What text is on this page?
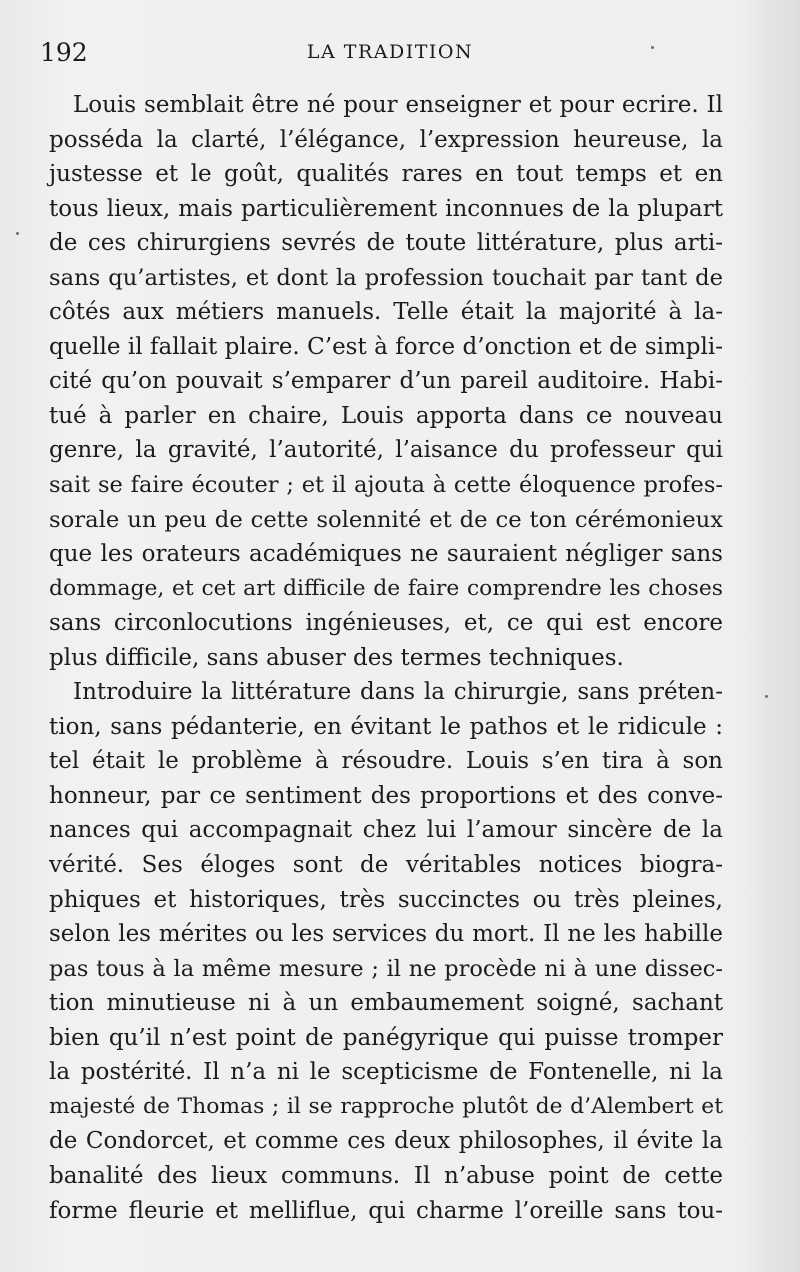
192	LA TRADITION
Louis semblait être né pour enseigner et pour ecrire. Il
posséda la clarté, l’élégance, l’expression heureuse, la
justesse et le goût, qualités rares en tout temps et en
tous lieux, mais particulièrement inconnues de la plupart
de ces chirurgiens sevrés de toute littérature, plus arti-
sans qu’artistes, et dont la profession touchait par tant de
côtés aux métiers manuels. Telle était la majorité à la-
quelle il fallait plaire. C’est à force d’onction et de simpli-
cité qu’on pouvait s’emparer d’un pareil auditoire. Habi-
tué à parler en chaire, Louis apporta dans ce nouveau
genre, la gravité, l’autorité, l’aisance du professeur qui
sait se faire écouter ; et il ajouta à cette éloquence profes-
sorale un peu de cette solennité et de ce ton cérémonieux
que les orateurs académiques ne sauraient négliger sans
dommage, et cet art difficile de faire comprendre les choses
sans circonlocutions ingénieuses, et, ce qui est encore
plus difficile, sans abuser des termes techniques.
Introduire la littérature dans la chirurgie, sans préten-
tion, sans pédanterie, en évitant le pathos et le ridicule :
tel était le problème à résoudre. Louis s’en tira à son
honneur, par ce sentiment des proportions et des conve-
nances qui accompagnait chez lui l’amour sincère de la
vérité. Ses éloges sont de véritables notices biogra-
phiques et historiques, très succinctes ou très pleines,
selon les mérites ou les services du mort. Il ne les habille
pas tous à la même mesure ; il ne procède ni à une dissec-
tion minutieuse ni à un embaumement soigné, sachant
bien qu’il n’est point de panégyrique qui puisse tromper
la postérité. Il n’a ni le scepticisme de Fontenelle, ni la
majesté de Thomas ; il se rapproche plutôt de d’Alembert et
de Condorcet, et comme ces deux philosophes, il évite la
banalité des lieux communs. Il n’abuse point de cette
forme fleurie et melliflue, qui charme l’oreille sans tou-
